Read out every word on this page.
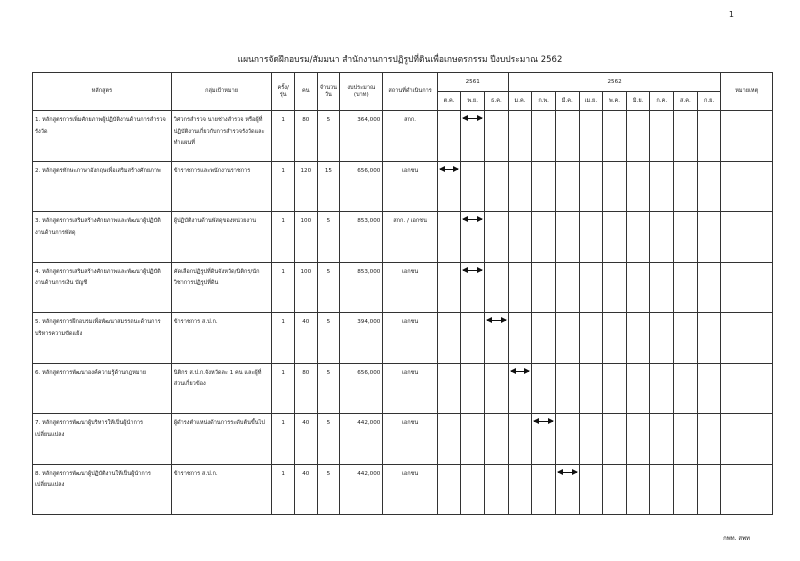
1
แผนการจัดฝึกอบรม/สัมมนา สำนักงานการปฏิรูปที่ดินเพื่อเกษตรกรรม ปีงบประมาณ 2562
หลักสูตร	กลุ่มเป้าหมาย	ครั้ง/รุ่น	คน	จำนวนวัน	งบประมาณ (บาท)	สถานที่ดำเนินการ	2561			2562									หมายเหตุ
							ต.ค.	พ.ย.	ธ.ค.	ม.ค.	ก.พ.	มี.ค.	เม.ย.	พ.ค.	มิ.ย.	ก.ค.	ส.ค.	ก.ย.	
1. หลักสูตรการเพิ่มศักยภาพผู้ปฏิบัติงานด้านการสำรวจรังวัด	วิศวกรสำรวจ นายช่างสำรวจ หรือผู้ที่ปฏิบัติงานเกี่ยวกับการสำรวจรังวัดและทำแผนที่	1	80	5	364,000	สกก.		

2. หลักสูตรทักษะภาษาอังกฤษเพื่อเสริมสร้างศักยภาพ	ข้าราชการและพนักงานราชการ	1	120	15	656,000	เอกชน	

3. หลักสูตรการเสริมสร้างศักยภาพและพัฒนาผู้ปฏิบัติงานด้านการพัสดุ	ผู้ปฏิบัติงานด้านพัสดุของหน่วยงาน	1	100	5	853,000	สกก. / เอกชน		

4. หลักสูตรการเสริมสร้างศักยภาพและพัฒนาผู้ปฏิบัติงานด้านการเงิน บัญชี	คัดเลือกปฏิรูปที่ดินจังหวัด/นิติกร/นักวิชาการปฏิรูปที่ดิน	1	100	5	853,000	เอกชน		

5. หลักสูตรการฝึกอบรมเพื่อพัฒนาสมรรถนะด้านการบริหารความขัดแย้ง	ข้าราชการ ส.ป.ก.	1	40	5	394,000	เอกชน			

6. หลักสูตรการพัฒนาองค์ความรู้ด้านกฎหมาย	นิติกร ส.ป.ก.จังหวัดละ 1 คน และผู้ที่ส่วนเกี่ยวข้อง	1	80	5	656,000	เอกชน				

7. หลักสูตรการพัฒนาผู้บริหารให้เป็นผู้นำการเปลี่ยนแปลง	ผู้ดำรงตำแหน่งด้านการระดับต้นขึ้นไป	1	40	5	442,000	เอกชน					

8. หลักสูตรการพัฒนาผู้ปฏิบัติงานให้เป็นผู้นำการเปลี่ยนแปลง	ข้าราชการ ส.ป.ก.	1	40	5	442,000	เอกชน						

กพท. สพท
